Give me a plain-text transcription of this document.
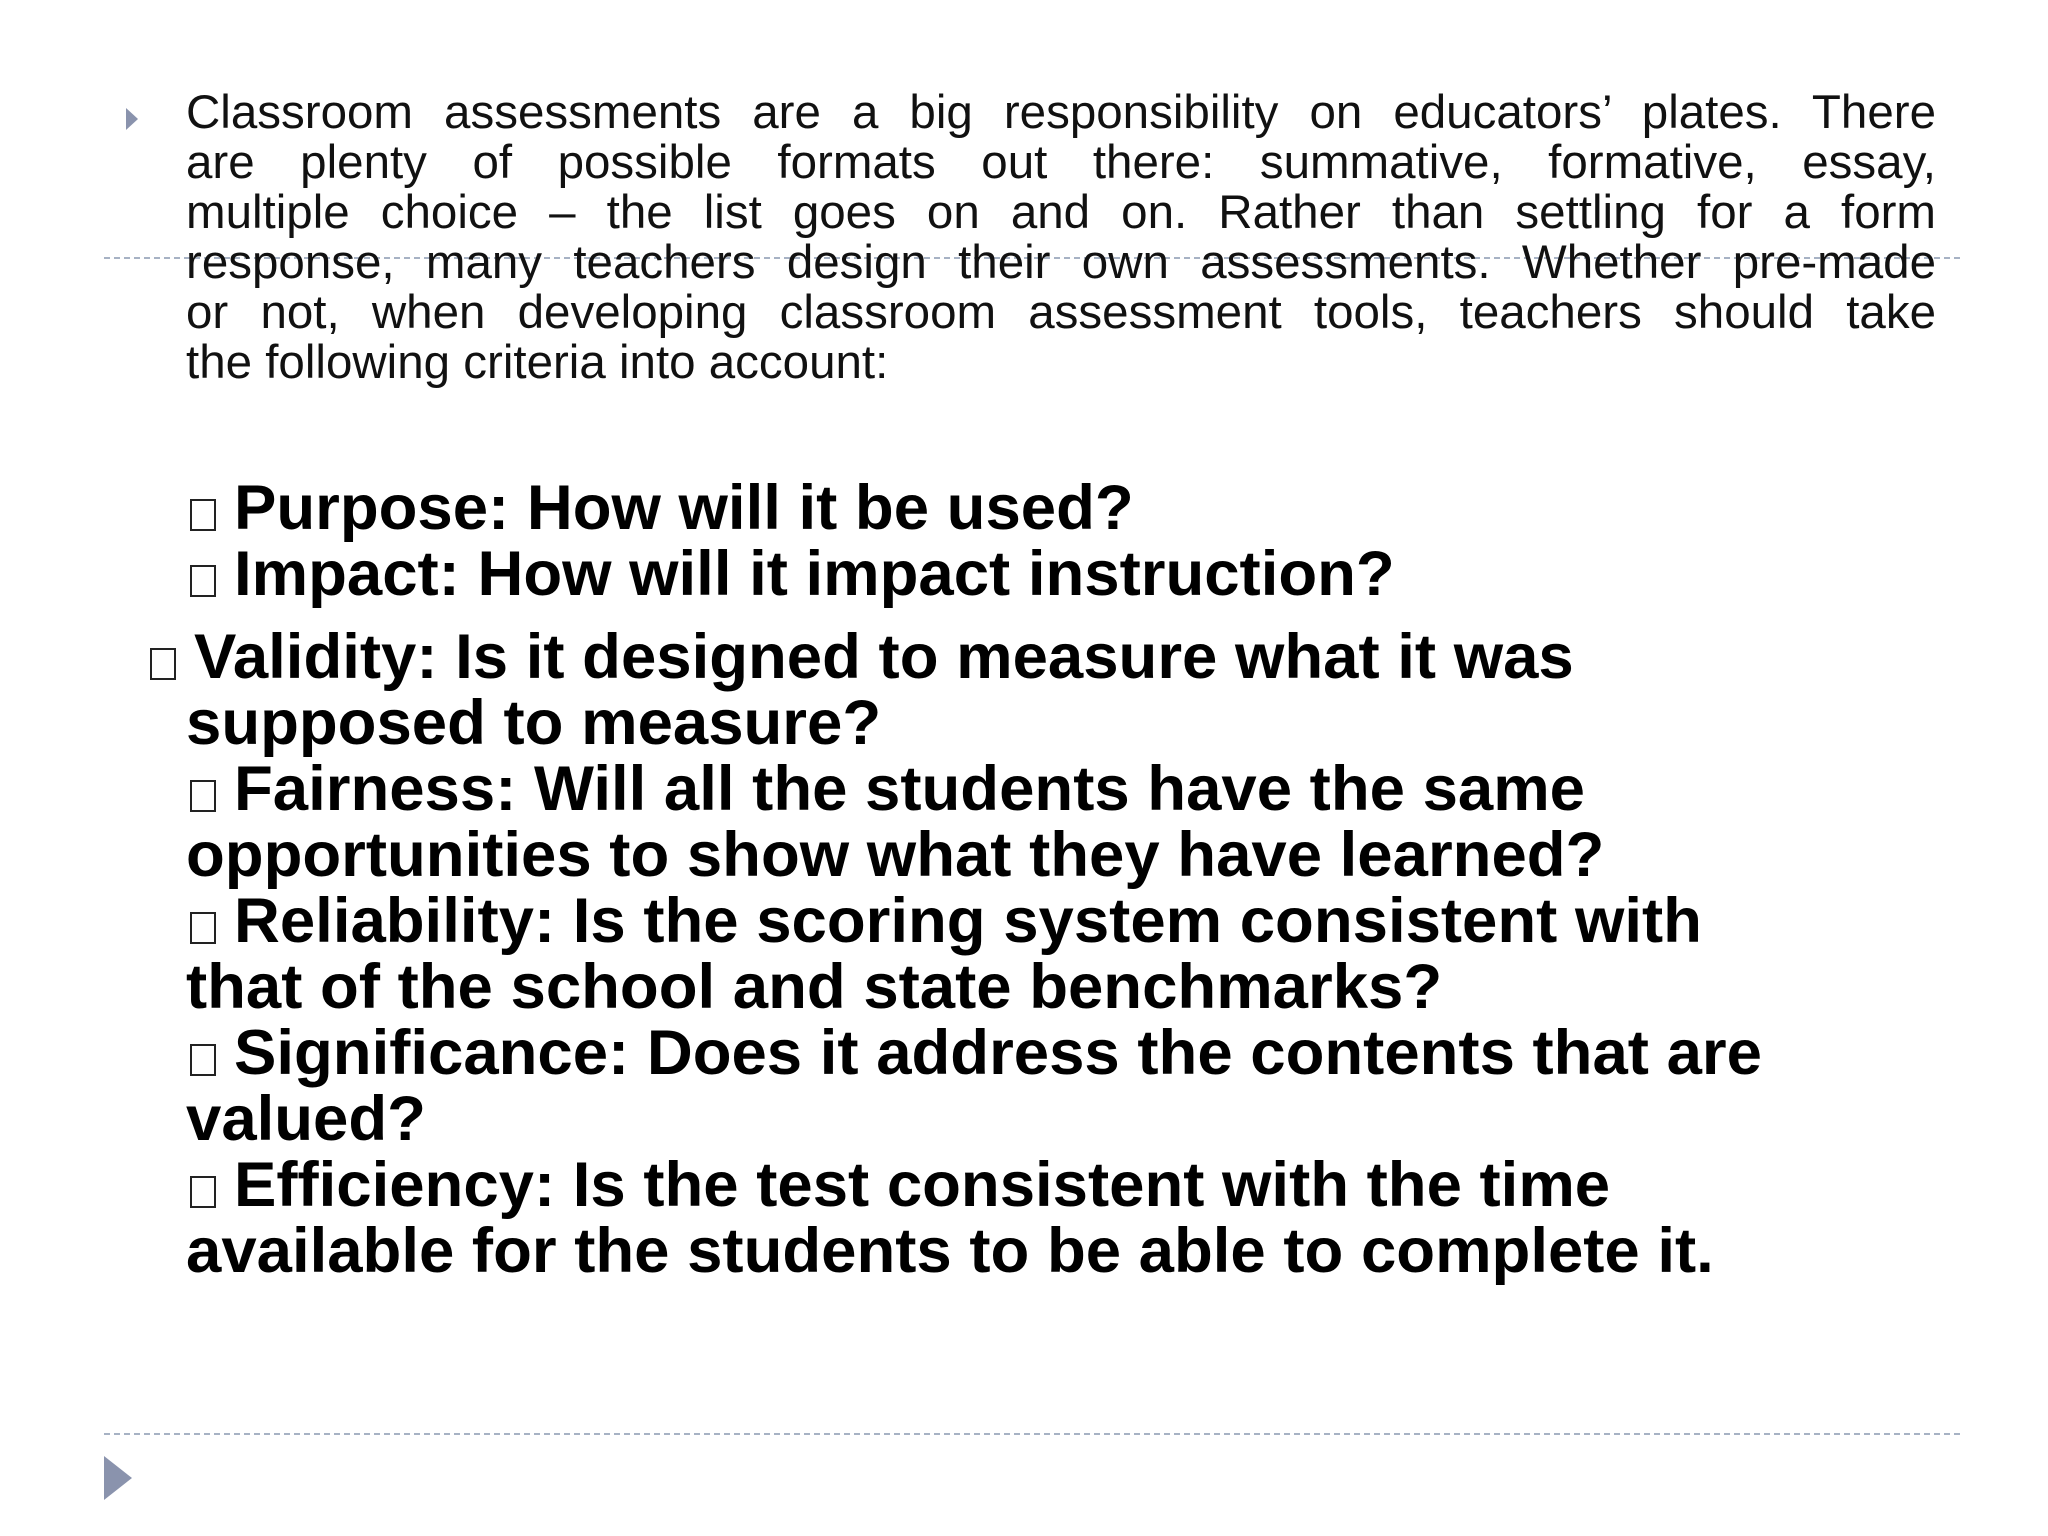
Classroom assessments are a big responsibility on educators’ plates. There
are plenty of possible formats out there: summative, formative, essay,
multiple choice – the list goes on and on. Rather than settling for a form
response, many teachers design their own assessments. Whether pre-made
or not, when developing classroom assessment tools, teachers should take
the following criteria into account:
Purpose: How will it be used?
Impact: How will it impact instruction?
Validity: Is it designed to measure what it was
supposed to measure?
Fairness: Will all the students have the same
opportunities to show what they have learned?
Reliability: Is the scoring system consistent with
that of the school and state benchmarks?
Significance: Does it address the contents that are
valued?
Efficiency: Is the test consistent with the time
available for the students to be able to complete it.
